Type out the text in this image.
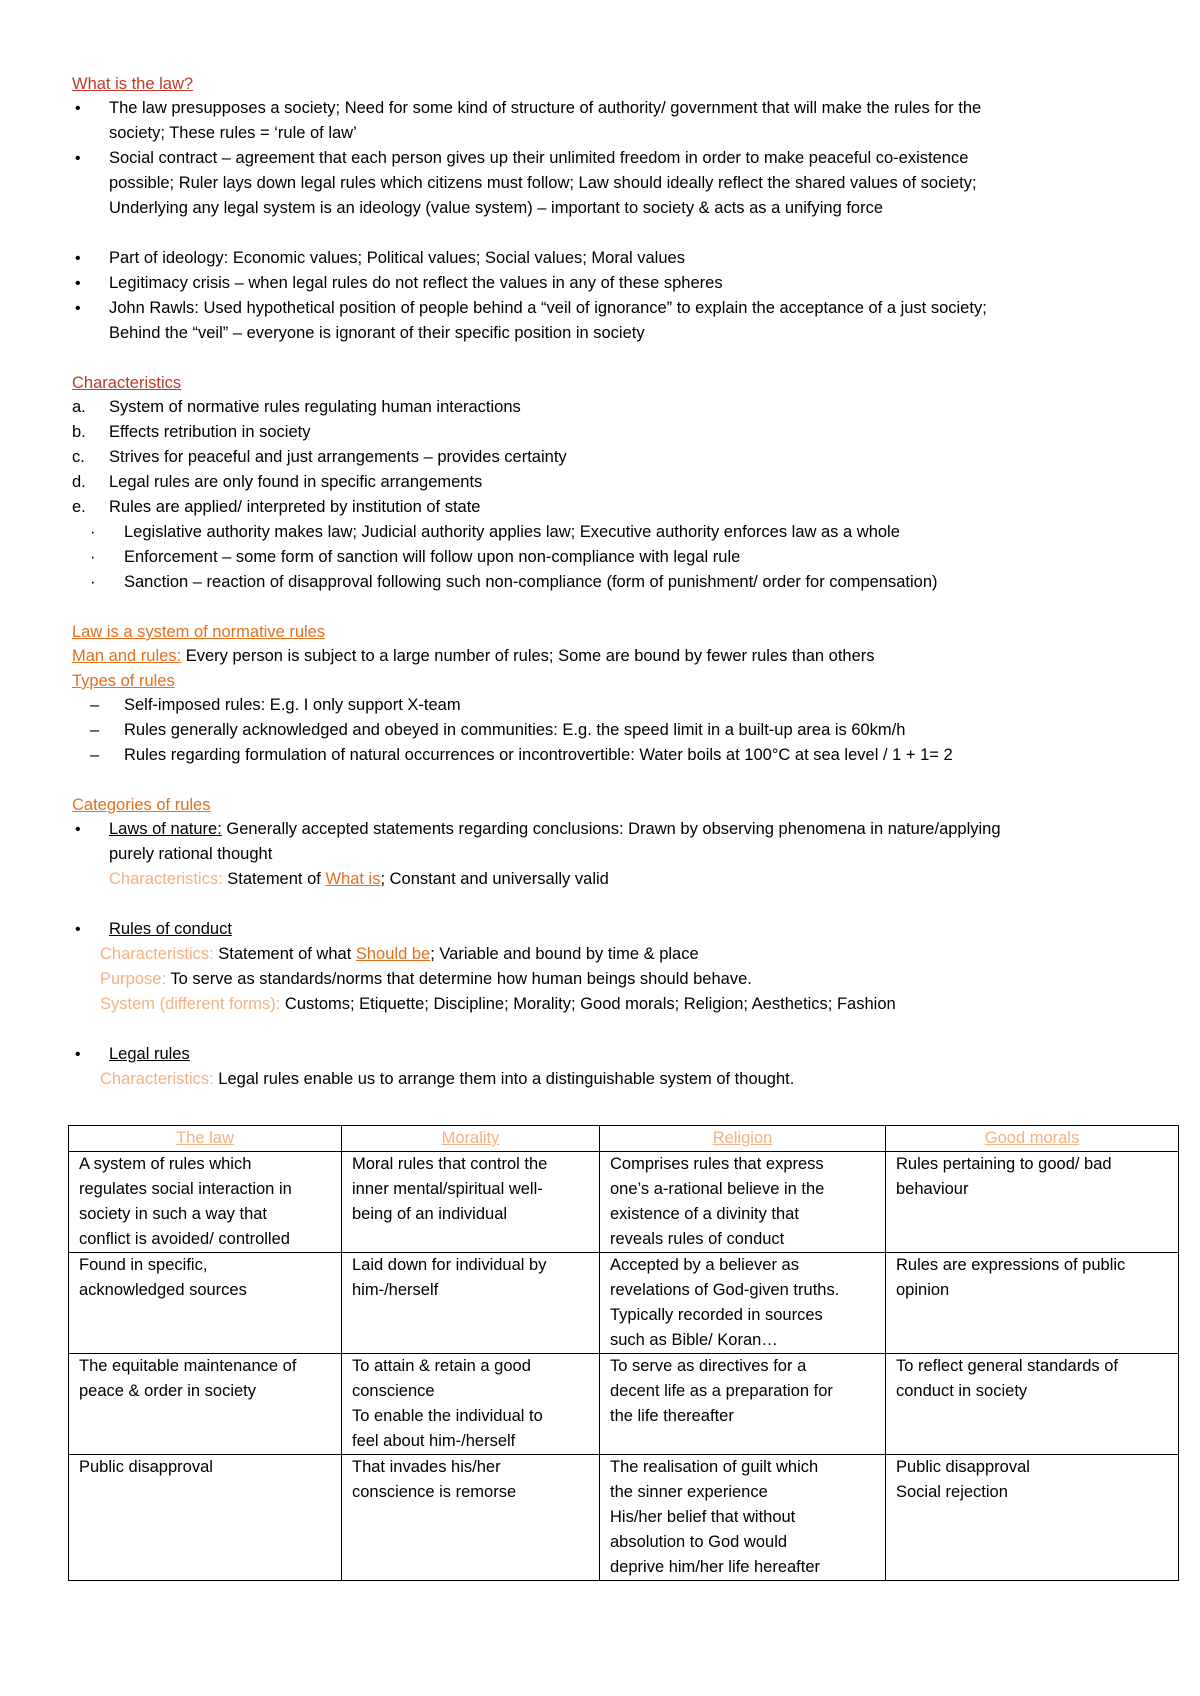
What is the law?
• The law presupposes a society; Need for some kind of structure of authority/ government that will make the rules for the
society; These rules = ‘rule of law’
• Social contract – agreement that each person gives up their unlimited freedom in order to make peaceful co-existence
possible; Ruler lays down legal rules which citizens must follow; Law should ideally reflect the shared values of society;
Underlying any legal system is an ideology (value system) – important to society & acts as a unifying force
• Part of ideology: Economic values; Political values; Social values; Moral values
• Legitimacy crisis – when legal rules do not reflect the values in any of these spheres
• John Rawls: Used hypothetical position of people behind a “veil of ignorance” to explain the acceptance of a just society;
Behind the “veil” – everyone is ignorant of their specific position in society
Characteristics
a. System of normative rules regulating human interactions
b. Effects retribution in society
c. Strives for peaceful and just arrangements – provides certainty
d. Legal rules are only found in specific arrangements
e. Rules are applied/ interpreted by institution of state
· Legislative authority makes law; Judicial authority applies law; Executive authority enforces law as a whole
· Enforcement – some form of sanction will follow upon non-compliance with legal rule
· Sanction – reaction of disapproval following such non-compliance (form of punishment/ order for compensation)
Law is a system of normative rules
Man and rules: Every person is subject to a large number of rules; Some are bound by fewer rules than others
Types of rules
– Self-imposed rules: E.g. I only support X-team
– Rules generally acknowledged and obeyed in communities: E.g. the speed limit in a built-up area is 60km/h
– Rules regarding formulation of natural occurrences or incontrovertible: Water boils at 100°C at sea level / 1 + 1= 2
Categories of rules
• Laws of nature: Generally accepted statements regarding conclusions: Drawn by observing phenomena in nature/applying
purely rational thought
Characteristics: Statement of What is; Constant and universally valid
• Rules of conduct
Characteristics: Statement of what Should be; Variable and bound by time & place
Purpose: To serve as standards/norms that determine how human beings should behave.
System (different forms): Customs; Etiquette; Discipline; Morality; Good morals; Religion; Aesthetics; Fashion
• Legal rules
Characteristics: Legal rules enable us to arrange them into a distinguishable system of thought.
The law	Morality	Religion	Good morals

A system of rules which
regulates social interaction in
society in such a way that
conflict is avoided/ controlled	Moral rules that control the
inner mental/spiritual well-
being of an individual	Comprises rules that express
one’s a-rational believe in the
existence of a divinity that
reveals rules of conduct	Rules pertaining to good/ bad
behaviour

Found in specific,
acknowledged sources	Laid down for individual by
him-/herself	Accepted by a believer as
revelations of God-given truths.
Typically recorded in sources
such as Bible/ Koran…	Rules are expressions of public
opinion

The equitable maintenance of
peace & order in society	To attain & retain a good
conscience
To enable the individual to
feel about him-/herself	To serve as directives for a
decent life as a preparation for
the life thereafter	To reflect general standards of
conduct in society

Public disapproval	That invades his/her
conscience is remorse	The realisation of guilt which
the sinner experience
His/her belief that without
absolution to God would
deprive him/her life hereafter	Public disapproval
Social rejection
